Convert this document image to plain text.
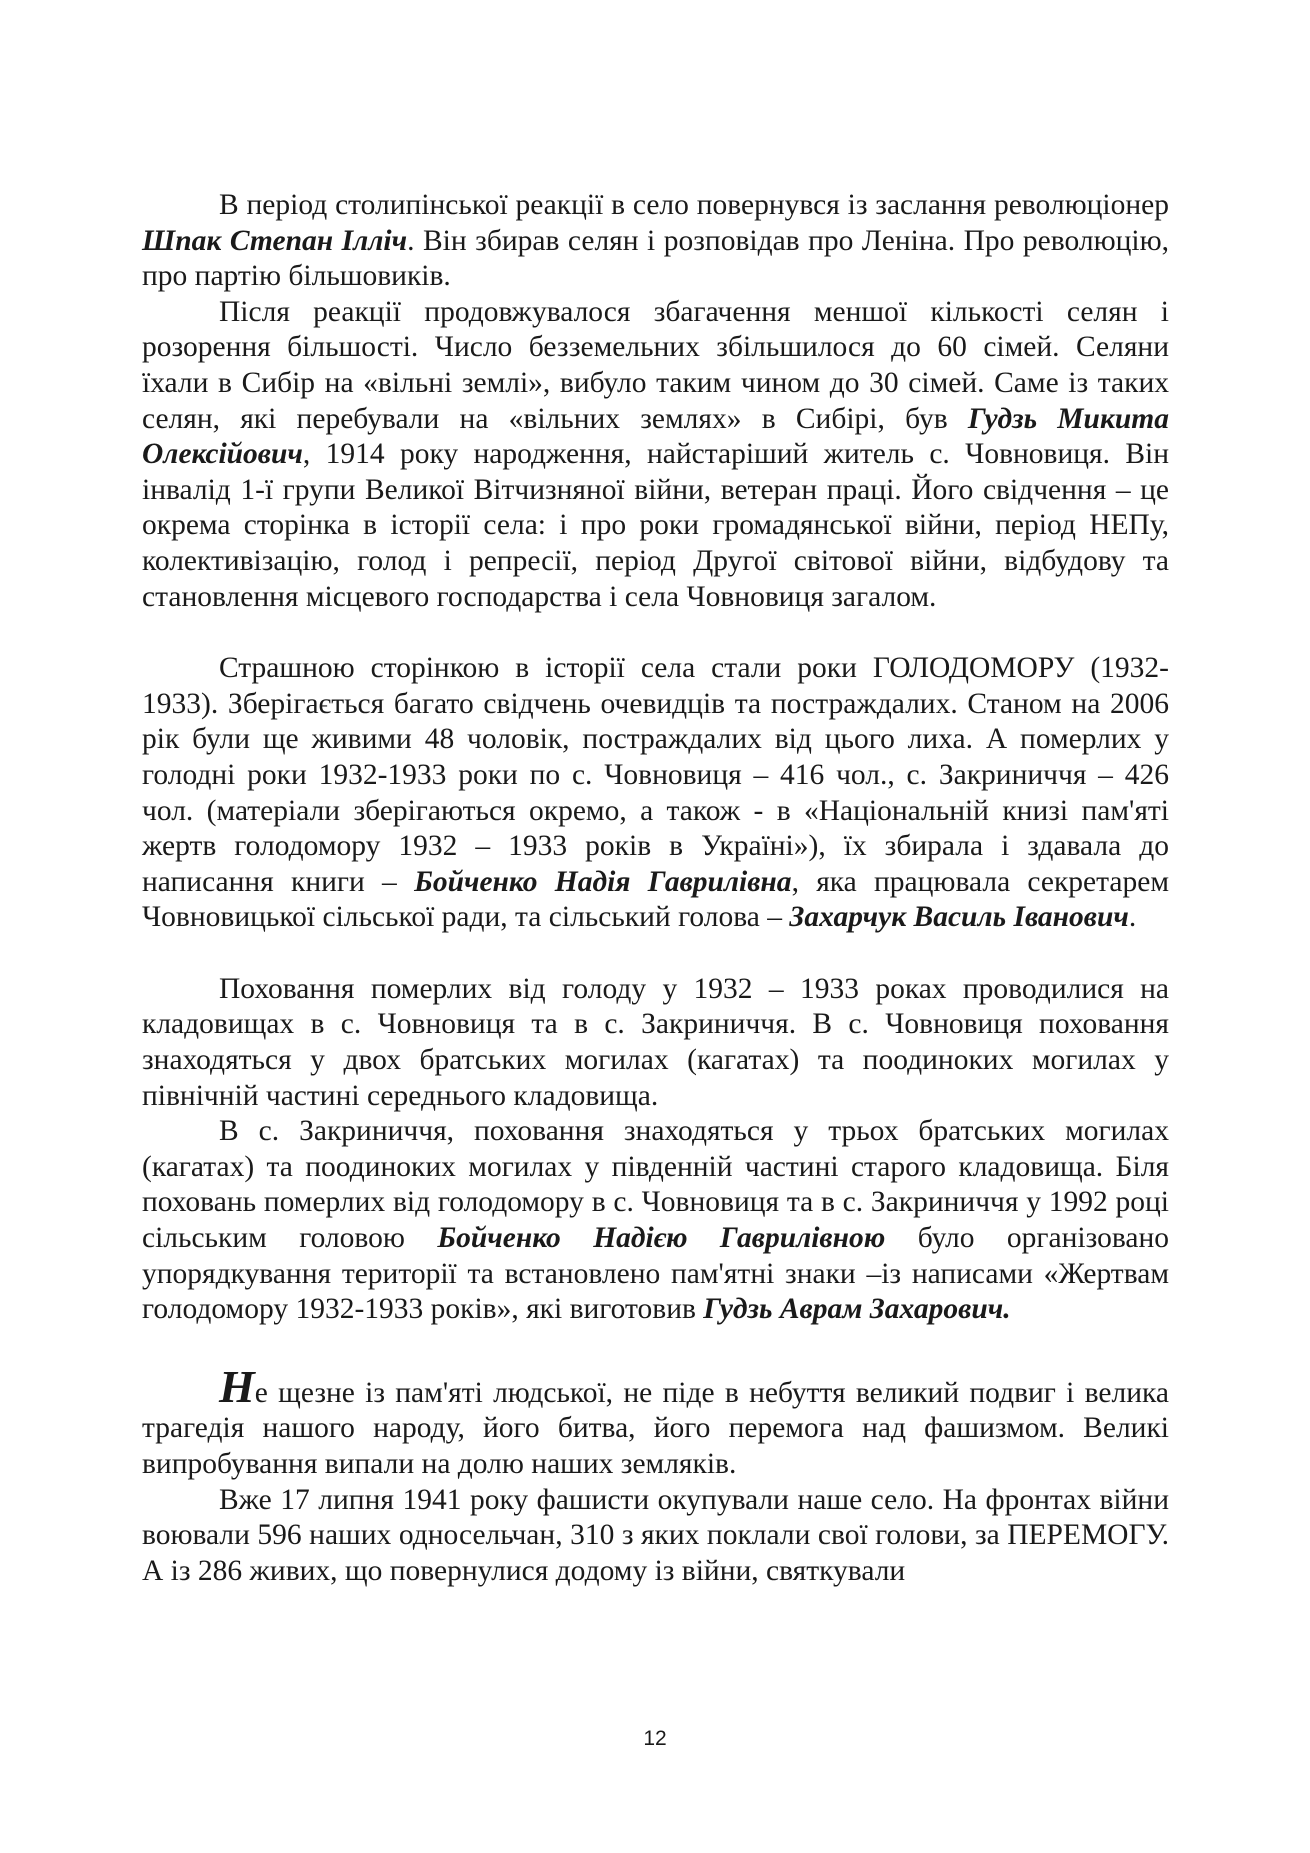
В період столипінської реакції в село повернувся із заслання революціонер Шпак Степан Ілліч. Він збирав селян і розповідав про Леніна. Про революцію, про партію більшовиків.

Після реакції продовжувалося збагачення меншої кількості селян і розорення більшості. Число безземельних збільшилося до 60 сімей. Селяни їхали в Сибір на «вільні землі», вибуло таким чином до 30 сімей. Саме із таких селян, які перебували на «вільних землях» в Сибірі, був Гудзь Микита Олексійович, 1914 року народження, найстаріший житель с. Човновиця. Він інвалід 1-ї групи Великої Вітчизняної війни, ветеран праці. Його свідчення – це окрема сторінка в історії села: і про роки громадянської війни, період НЕПу, колективізацію, голод і репресії, період Другої світової війни, відбудову та становлення місцевого господарства і села Човновиця загалом.

Страшною сторінкою в історії села стали роки ГОЛОДОМОРУ (1932-1933). Зберігається багато свідчень очевидців та постраждалих. Станом на 2006 рік були ще живими 48 чоловік, постраждалих від цього лиха. А померлих у голодні роки 1932-1933 роки по с. Човновиця – 416 чол., с. Закриниччя – 426 чол. (матеріали зберігаються окремо, а також - в «Національній книзі пам'яті жертв голодомору 1932 – 1933 років в Україні»), їх збирала і здавала до написання книги – Бойченко Надія Гаврилівна, яка працювала секретарем Човновицької сільської ради, та сільський голова – Захарчук Василь Іванович.

Поховання померлих від голоду у 1932 – 1933 роках проводилися на кладовищах в с. Човновиця та в с. Закриниччя. В с. Човновиця поховання знаходяться у двох братських могилах (кагатах) та поодиноких могилах у північній частині середнього кладовища.

В с. Закриниччя, поховання знаходяться у трьох братських могилах (кагатах) та поодиноких могилах у південній частині старого кладовища. Біля поховань померлих від голодомору в с. Човновиця та в с. Закриниччя у 1992 році сільським головою Бойченко Надією Гаврилівною було організовано упорядкування території та встановлено пам'ятні знаки –із написами «Жертвам голодомору 1932-1933 років», які виготовив Гудзь Аврам Захарович.

Не щезне із пам'яті людської, не піде в небуття великий подвиг і велика трагедія нашого народу, його битва, його перемога над фашизмом. Великі випробування випали на долю наших земляків.

Вже 17 липня 1941 року фашисти окупували наше село. На фронтах війни воювали 596 наших односельчан, 310 з яких поклали свої голови, за ПЕРЕМОГУ. А із 286 живих, що повернулися додому із війни, святкували

12
